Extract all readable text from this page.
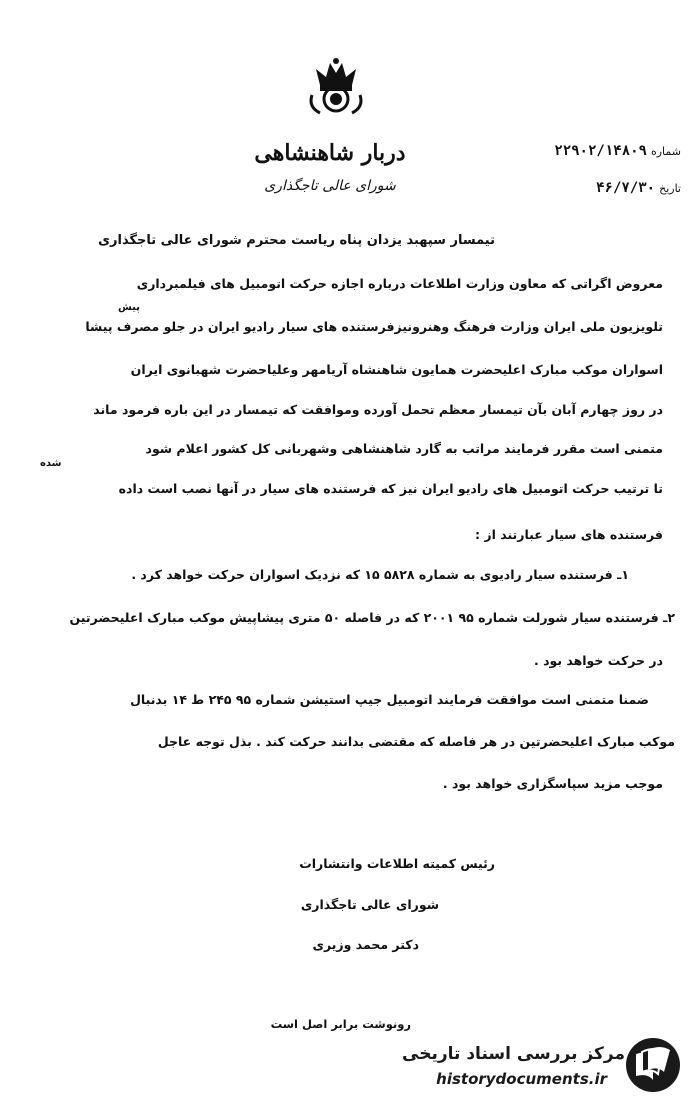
دربار شاهنشاهی
شورای عالی تاجگذاری
شماره۲۲۹۰۲/۱۴۸۰۹
تاریخ۴۶/۷/۳۰
تیمسار سپهبد یزدان پناه ریاست محترم شورای عالی تاجگذاری
معروض اگراتی که معاون وزارت اطلاعات درباره اجازه حرکت اتومبیل های فیلمبرداری
پیش
تلویزیون ملی ایران وزارت فرهنگ وهنرونیزفرستنده های سیار رادیو ایران در جلو مصرف پیشا
اسواران موکب مبارک اعلیحضرت همایون شاهنشاه آریامهر وعلیاحضرت شهبانوی ایران
در روز چهارم آبان بآن تیمسار معظم تحمل آورده وموافقت که تیمسار در این باره فرمود ماند
متمنی است مقرر فرمایند مراتب به گارد شاهنشاهی وشهربانی کل کشور اعلام شود
شده
تا ترتیب حرکت اتومبیل های رادیو ایران نیز که فرستنده های سیار در آنها نصب است داده
فرستنده های سیار عبارتند از :
۱ـ فرستنده سیار رادیوی به شماره ۵۸۲۸ ۱۵ که نزدیک اسواران حرکت خواهد کرد .
۲ـ فرستنده سیار شورلت شماره ۹۵ ۲۰۰۱ که در فاصله ۵۰ متری پیشاپیش موکب مبارک اعلیحضرتین
در حرکت خواهد بود .
ضمنا متمنی است موافقت فرمایند اتومبیل جیپ استیشن شماره ۹۵ ۲۴۵ ط ۱۴ بدنبال
موکب مبارک اعلیحضرتین در هر فاصله که مقتضی بدانند حرکت کند . بذل توجه عاجل
موجب مزید سپاسگزاری خواهد بود .
رئیس کمیته اطلاعات وانتشارات
شورای عالی تاجگذاری
دکتر محمد وزیری
رونوشت برابر اصل است
مرکز بررسی اسناد تاریخی
historydocuments.ir
